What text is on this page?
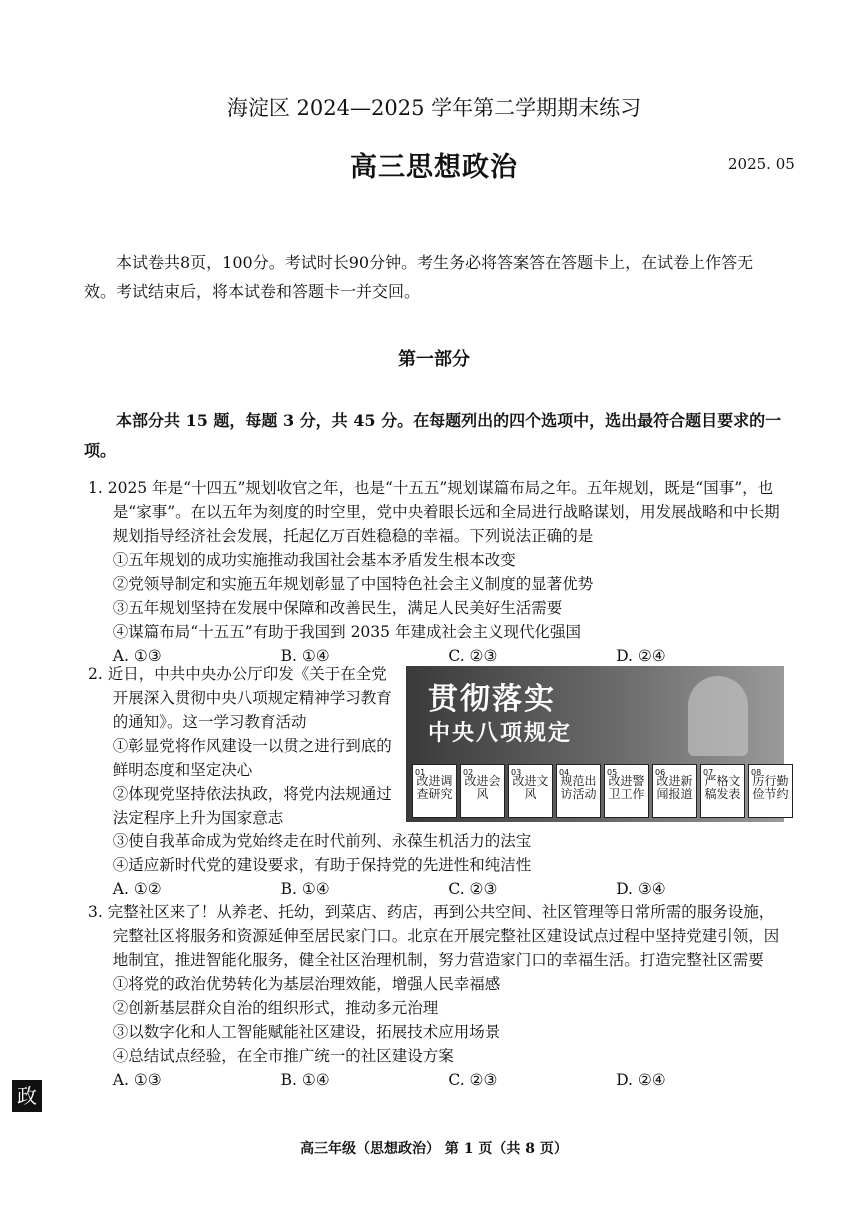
海淀区 2024—2025 学年第二学期期末练习
高三思想政治	2025. 05
本试卷共8页，100分。考试时长90分钟。考生务必将答案答在答题卡上，在试卷上作答无效。考试结束后，将本试卷和答题卡一并交回。
第一部分
本部分共 15 题，每题 3 分，共 45 分。在每题列出的四个选项中，选出最符合题目要求的一项。
1. 2025 年是“十四五”规划收官之年，也是“十五五”规划谋篇布局之年。五年规划，既是“国事”，也是“家事”。在以五年为刻度的时空里，党中央着眼长远和全局进行战略谋划，用发展战略和中长期规划指导经济社会发展，托起亿万百姓稳稳的幸福。下列说法正确的是
①五年规划的成功实施推动我国社会基本矛盾发生根本改变
②党领导制定和实施五年规划彰显了中国特色社会主义制度的显著优势
③五年规划坚持在发展中保障和改善民生，满足人民美好生活需要
④谋篇布局“十五五”有助于我国到 2035 年建成社会主义现代化强国
A. ①③	B. ①④	C. ②③	D. ②④
2. 近日，中共中央办公厅印发《关于在全党开展深入贯彻中央八项规定精神学习教育的通知》。这一学习教育活动
①彰显党将作风建设一以贯之进行到底的鲜明态度和坚定决心
②体现党坚持依法执政，将党内法规通过法定程序上升为国家意志
贯彻落实
中央八项规定
01
改进调查研究
02
改进会风
03
改进文风
04
规范出访活动
05
改进警卫工作
06
改进新闻报道
07
严格文稿发表
08
厉行勤俭节约
③使自我革命成为党始终走在时代前列、永葆生机活力的法宝
④适应新时代党的建设要求，有助于保持党的先进性和纯洁性
A. ①②	B. ①④	C. ②③	D. ③④
3. 完整社区来了！从养老、托幼，到菜店、药店，再到公共空间、社区管理等日常所需的服务设施，完整社区将服务和资源延伸至居民家门口。北京在开展完整社区建设试点过程中坚持党建引领，因地制宜，推进智能化服务，健全社区治理机制，努力营造家门口的幸福生活。打造完整社区需要
①将党的政治优势转化为基层治理效能，增强人民幸福感
②创新基层群众自治的组织形式，推动多元治理
③以数字化和人工智能赋能社区建设，拓展技术应用场景
④总结试点经验，在全市推广统一的社区建设方案
A. ①③	B. ①④	C. ②③	D. ②④
政
高三年级（思想政治） 第 1 页（共 8 页）
